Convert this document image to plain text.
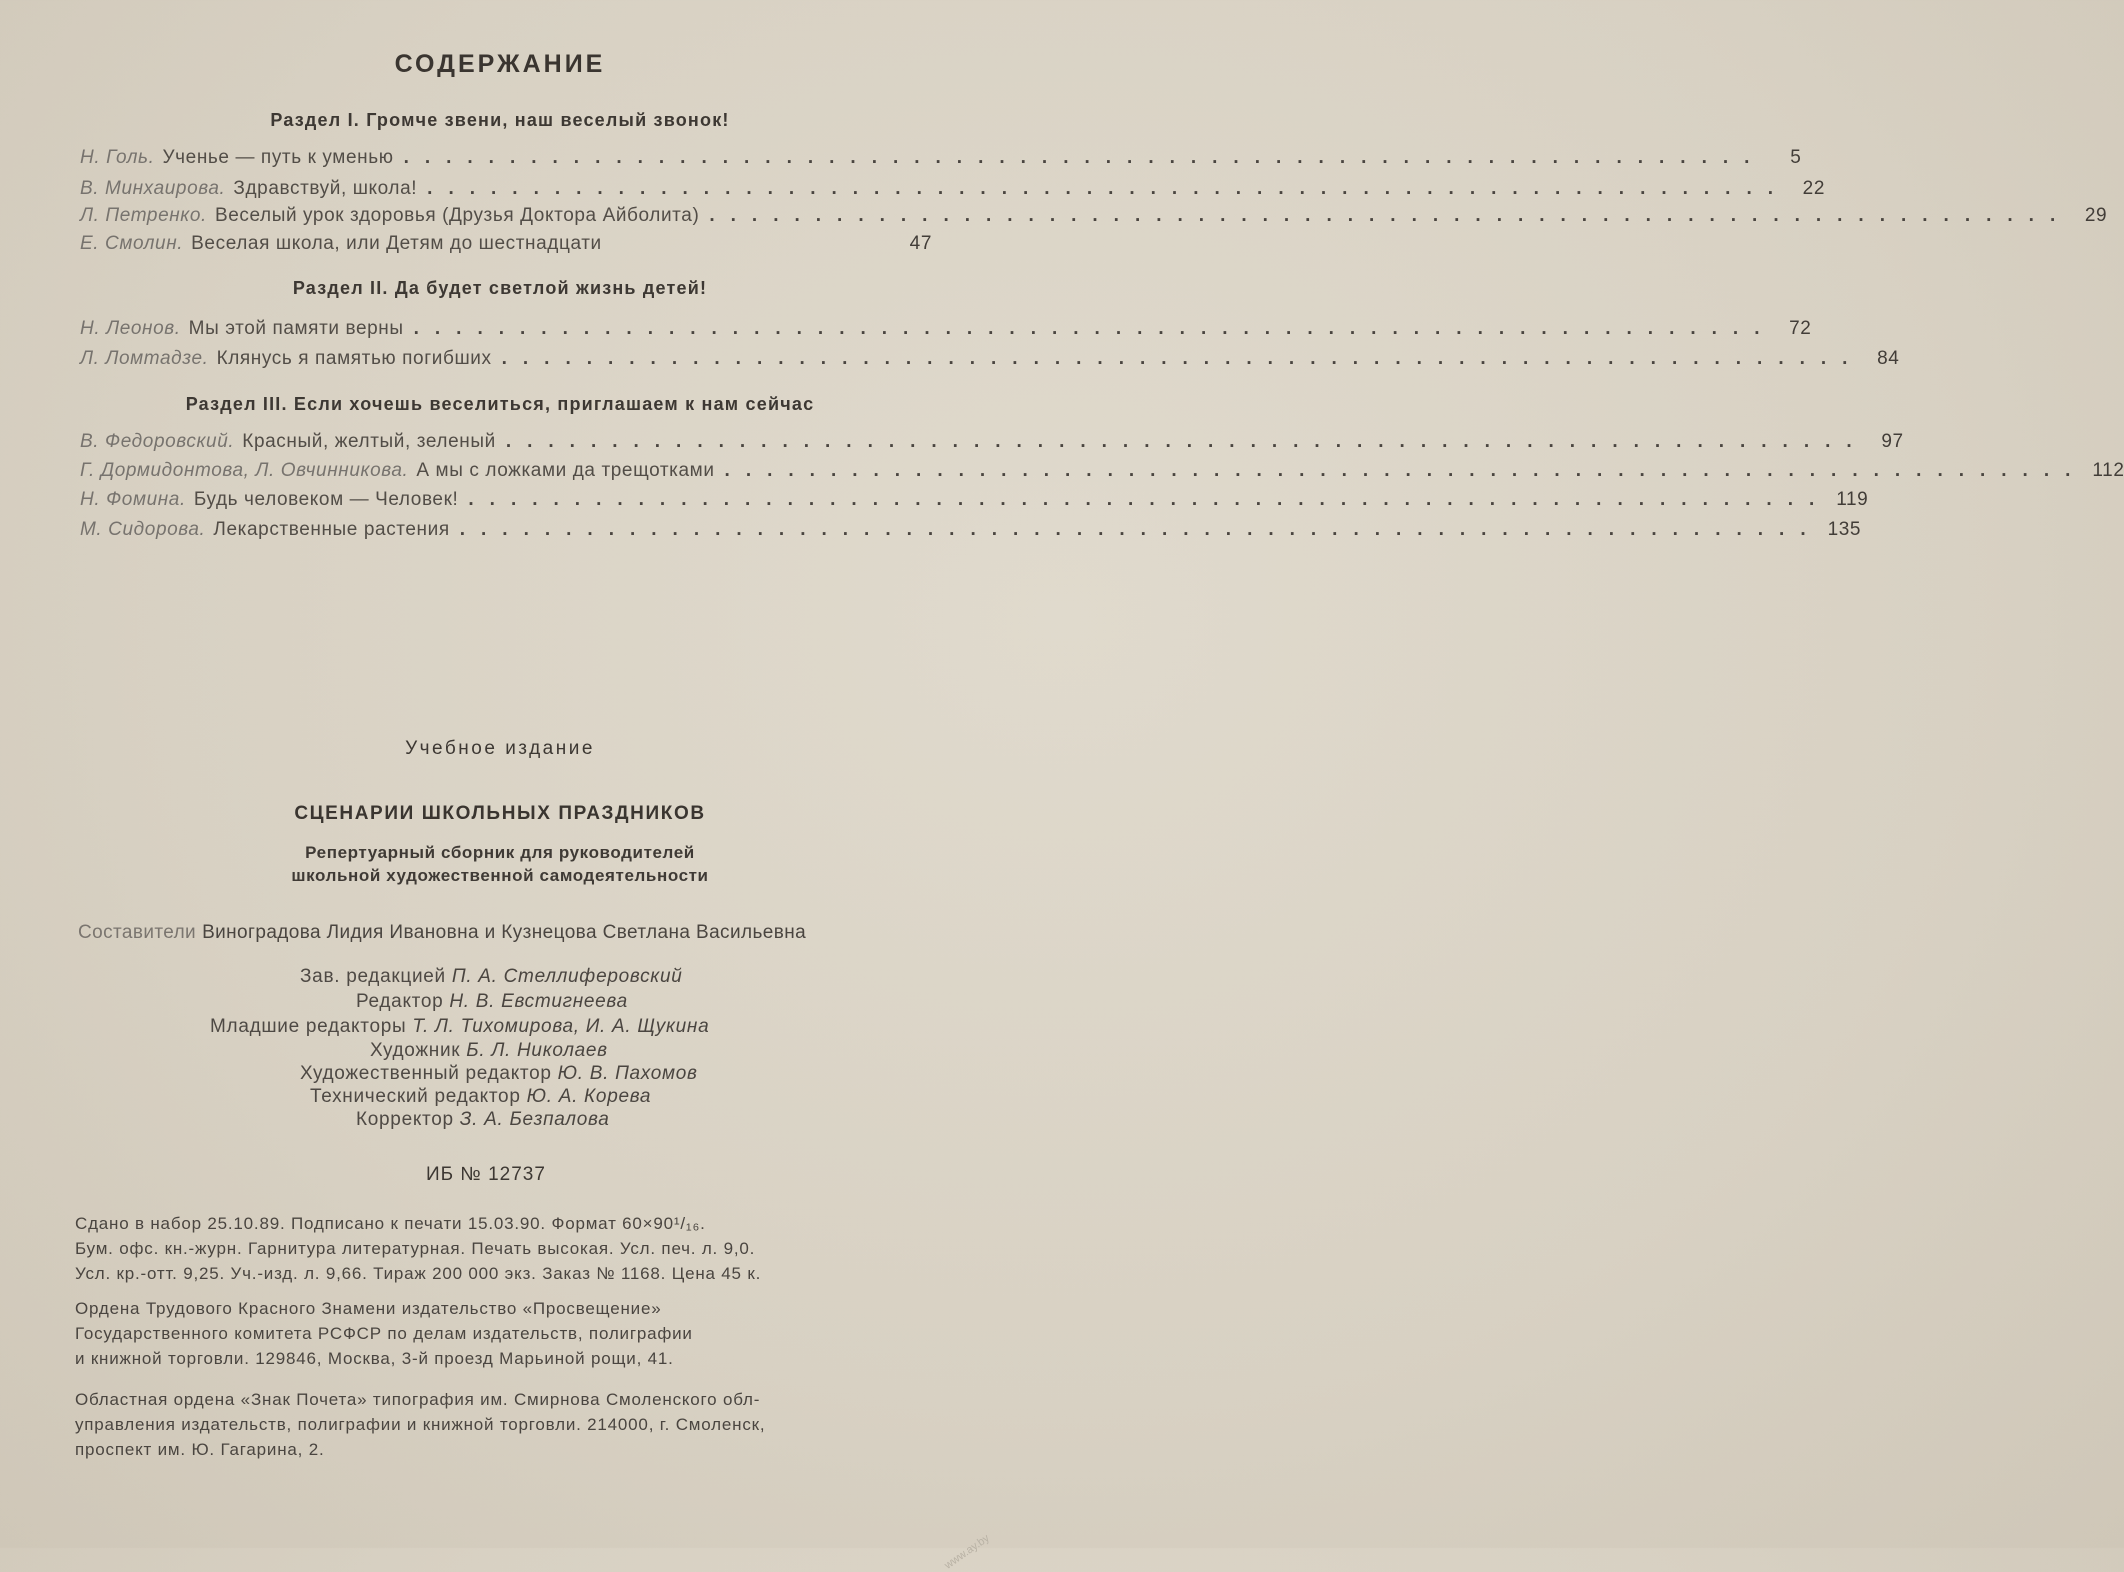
СОДЕРЖАНИЕ
Раздел I. Громче звени, наш веселый звонок!
Н. Голь. Ученье — путь к уменью ................................................................	5
В. Минхаирова. Здравствуй, школа! ................................................................ 22
Л. Петренко. Веселый урок здоровья (Друзья Доктора Айболита) ................................................................ 29
Е. Смолин. Веселая школа, или Детям до шестнадцати	47
Раздел II. Да будет светлой жизнь детей!
Н. Леонов. Мы этой памяти верны ................................................................ 72
Л. Ломтадзе. Клянусь я памятью погибших ................................................................ 84
Раздел III. Если хочешь веселиться, приглашаем к нам сейчас
В. Федоровский. Красный, желтый, зеленый ................................................................ 97
Г. Дормидонтова, Л. Овчинникова. А мы с ложками да трещотками ................................................................ 112
Н. Фомина. Будь человеком — Человек! ................................................................ 119
М. Сидорова. Лекарственные растения ................................................................ 135
Учебное издание
СЦЕНАРИИ ШКОЛЬНЫХ ПРАЗДНИКОВ
Репертуарный сборник для руководителей
школьной художественной самодеятельности
Составители Виноградова Лидия Ивановна и Кузнецова Светлана Васильевна
Зав. редакцией П. А. Стеллиферовский
Редактор Н. В. Евстигнеева
Младшие редакторы Т. Л. Тихомирова, И. А. Щукина
Художник Б. Л. Николаев
Художественный редактор Ю. В. Пахомов
Технический редактор Ю. А. Корева
Корректор З. А. Безпалова
ИБ № 12737
Сдано в набор 25.10.89. Подписано к печати 15.03.90. Формат 60×90¹/₁₆.
Бум. офс. кн.-журн. Гарнитура литературная. Печать высокая. Усл. печ. л. 9,0.
Усл. кр.-отт. 9,25. Уч.-изд. л. 9,66. Тираж 200 000 экз. Заказ № 1168. Цена 45 к.
Ордена Трудового Красного Знамени издательство «Просвещение»
Государственного комитета РСФСР по делам издательств, полиграфии
и книжной торговли. 129846, Москва, 3-й проезд Марьиной рощи, 41.
Областная ордена «Знак Почета» типография им. Смирнова Смоленского обл-
управления издательств, полиграфии и книжной торговли. 214000, г. Смоленск,
проспект им. Ю. Гагарина, 2.
www.ay.by
